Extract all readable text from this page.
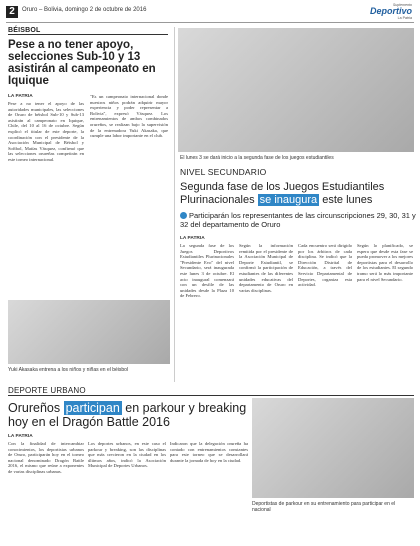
2	Oruro – Bolivia, domingo 2 de octubre de 2016
Suplemento
Deportivo
La Patria
BÉISBOL
Pese a no tener apoyo, selecciones Sub-10 y 13 asistirán al campeonato en Iquique
LA PATRIA
Pese a no tener el apoyo de las autoridades municipales, las selecciones de Oruro de béisbol Sub-10 y Sub-13 asistirán al campeonato en Iquique, Chile, del 10 al 16 de octubre. Según explicó el titular de este deporte, la coordinación con el presidente de la Asociación Municipal de Béisbol y Softbol, Matías Vásquez, confirmó que las selecciones orureñas competirán en este torneo internacional.
"Es un campeonato internacional donde nuestros niños podrán adquirir mayor experiencia y poder representar a Bolivia", expresó Vásquez. Los entrenamientos de ambos combinados orureños, se realizan bajo la supervisión de la entrenadora Yuki Akasaka, que cumple una labor importante en el club.
Yuki Akasaka entrena a los niños y niñas en el béisbol
El lunes 3 se dará inicio a la segunda fase de los juegos estudiantiles
NIVEL SECUNDARIO
Segunda fase de los Juegos Estudiantiles Plurinacionales se inaugura este lunes
Participarán los representantes de las circunscripciones 29, 30, 31 y 32 del departamento de Oruro
LA PATRIA
La segunda fase de los Juegos Deportivos Estudiantiles Plurinacionales "Presidente Evo" del nivel Secundario, será inaugurada este lunes 3 de octubre. El acto inaugural comenzará con un desfile de las unidades desde la Plaza 10 de Febrero.
Según la información remitida por el presidente de la Asociación Municipal de Deporte Estudiantil, se confirmó la participación de estudiantes de las diferentes unidades educativas del departamento de Oruro en varias disciplinas.
Cada encuentro será dirigido por los árbitros de cada disciplina. Se indicó que la Dirección Distrital de Educación, a través del Servicio Departamental de Deportes, organiza esta actividad.
Según lo planificado, se espera que desde esta fase se pueda promover a los mejores deportistas para el desarrollo de los estudiantes. El segundo tramo será lo más importante para el nivel Secundario.
DEPORTE URBANO
Orureños participan en parkour y breaking hoy en el Dragón Battle 2016
LA PATRIA
Con la finalidad de intercambiar conocimientos, los deportistas urbanos de Oruro, participarán hoy en el torneo nacional denominado Dragón Battle 2016, el mismo que reúne a exponentes de varias disciplinas urbanas.
Los deportes urbanos, en este caso el parkour y breaking, son las disciplinas que más crecieron en la ciudad en los últimos años, indicó la Asociación Municipal de Deportes Urbanos.
Indicaron que la delegación orureña ha contado con entrenamientos constantes para este torneo que se desarrollará durante la jornada de hoy en la ciudad.
Deportistas de parkour en su entrenamiento para participar en el nacional
